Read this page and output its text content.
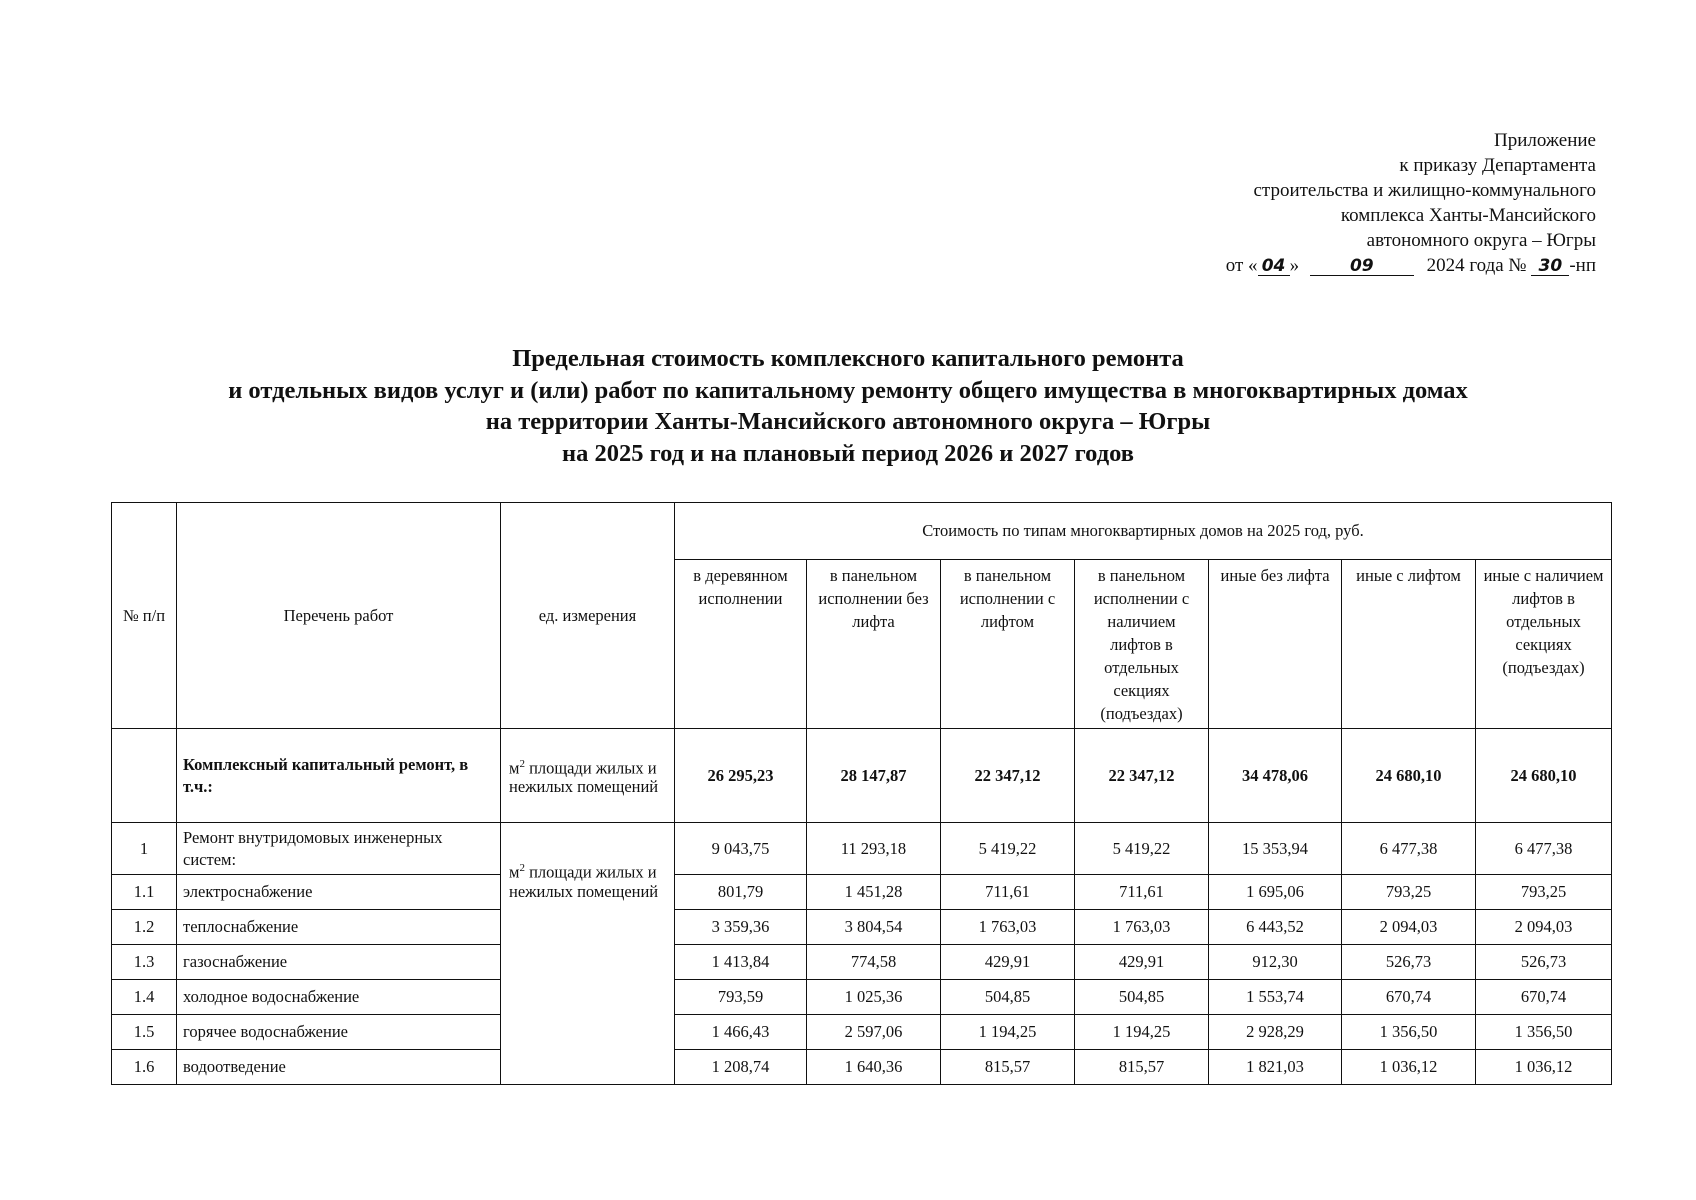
Приложение
к приказу Департамента
строительства и жилищно-коммунального
комплекса Ханты-Мансийского
автономного округа – Югры
от « 04 »	09	2024 года № 30 -нп
Предельная стоимость комплексного капитального ремонта
и отдельных видов услуг и (или) работ по капитальному ремонту общего имущества в многоквартирных домах
на территории Ханты-Мансийского автономного округа – Югры
на 2025 год и на плановый период 2026 и 2027 годов
№ п/п	Перечень работ	ед. измерения	Стоимость по типам многоквартирных домов на 2025 год, руб.						
			в деревянном исполнении	в панельном исполнении без лифта	в панельном исполнении с лифтом	в панельном исполнении с наличием лифтов в отдельных секциях (подъездах)	иные без лифта	иные с лифтом	иные с наличием лифтов в отдельных секциях (подъездах)
	Комплексный капитальный ремонт, в т.ч.:	$м^2$ площади жилых и нежилых помещений	26 295,23	28 147,87	22 347,12	22 347,12	34 478,06	24 680,10	24 680,10
1	Ремонт внутридомовых инженерных систем:	$м^2$ площади жилых и нежилых помещений	9 043,75	11 293,18	5 419,22	5 419,22	15 353,94	6 477,38	6 477,38
1.1	электроснабжение		801,79	1 451,28	711,61	711,61	1 695,06	793,25	793,25
1.2	теплоснабжение		3 359,36	3 804,54	1 763,03	1 763,03	6 443,52	2 094,03	2 094,03
1.3	газоснабжение		1 413,84	774,58	429,91	429,91	912,30	526,73	526,73
1.4	холодное водоснабжение		793,59	1 025,36	504,85	504,85	1 553,74	670,74	670,74
1.5	горячее водоснабжение		1 466,43	2 597,06	1 194,25	1 194,25	2 928,29	1 356,50	1 356,50
1.6	водоотведение		1 208,74	1 640,36	815,57	815,57	1 821,03	1 036,12	1 036,12
